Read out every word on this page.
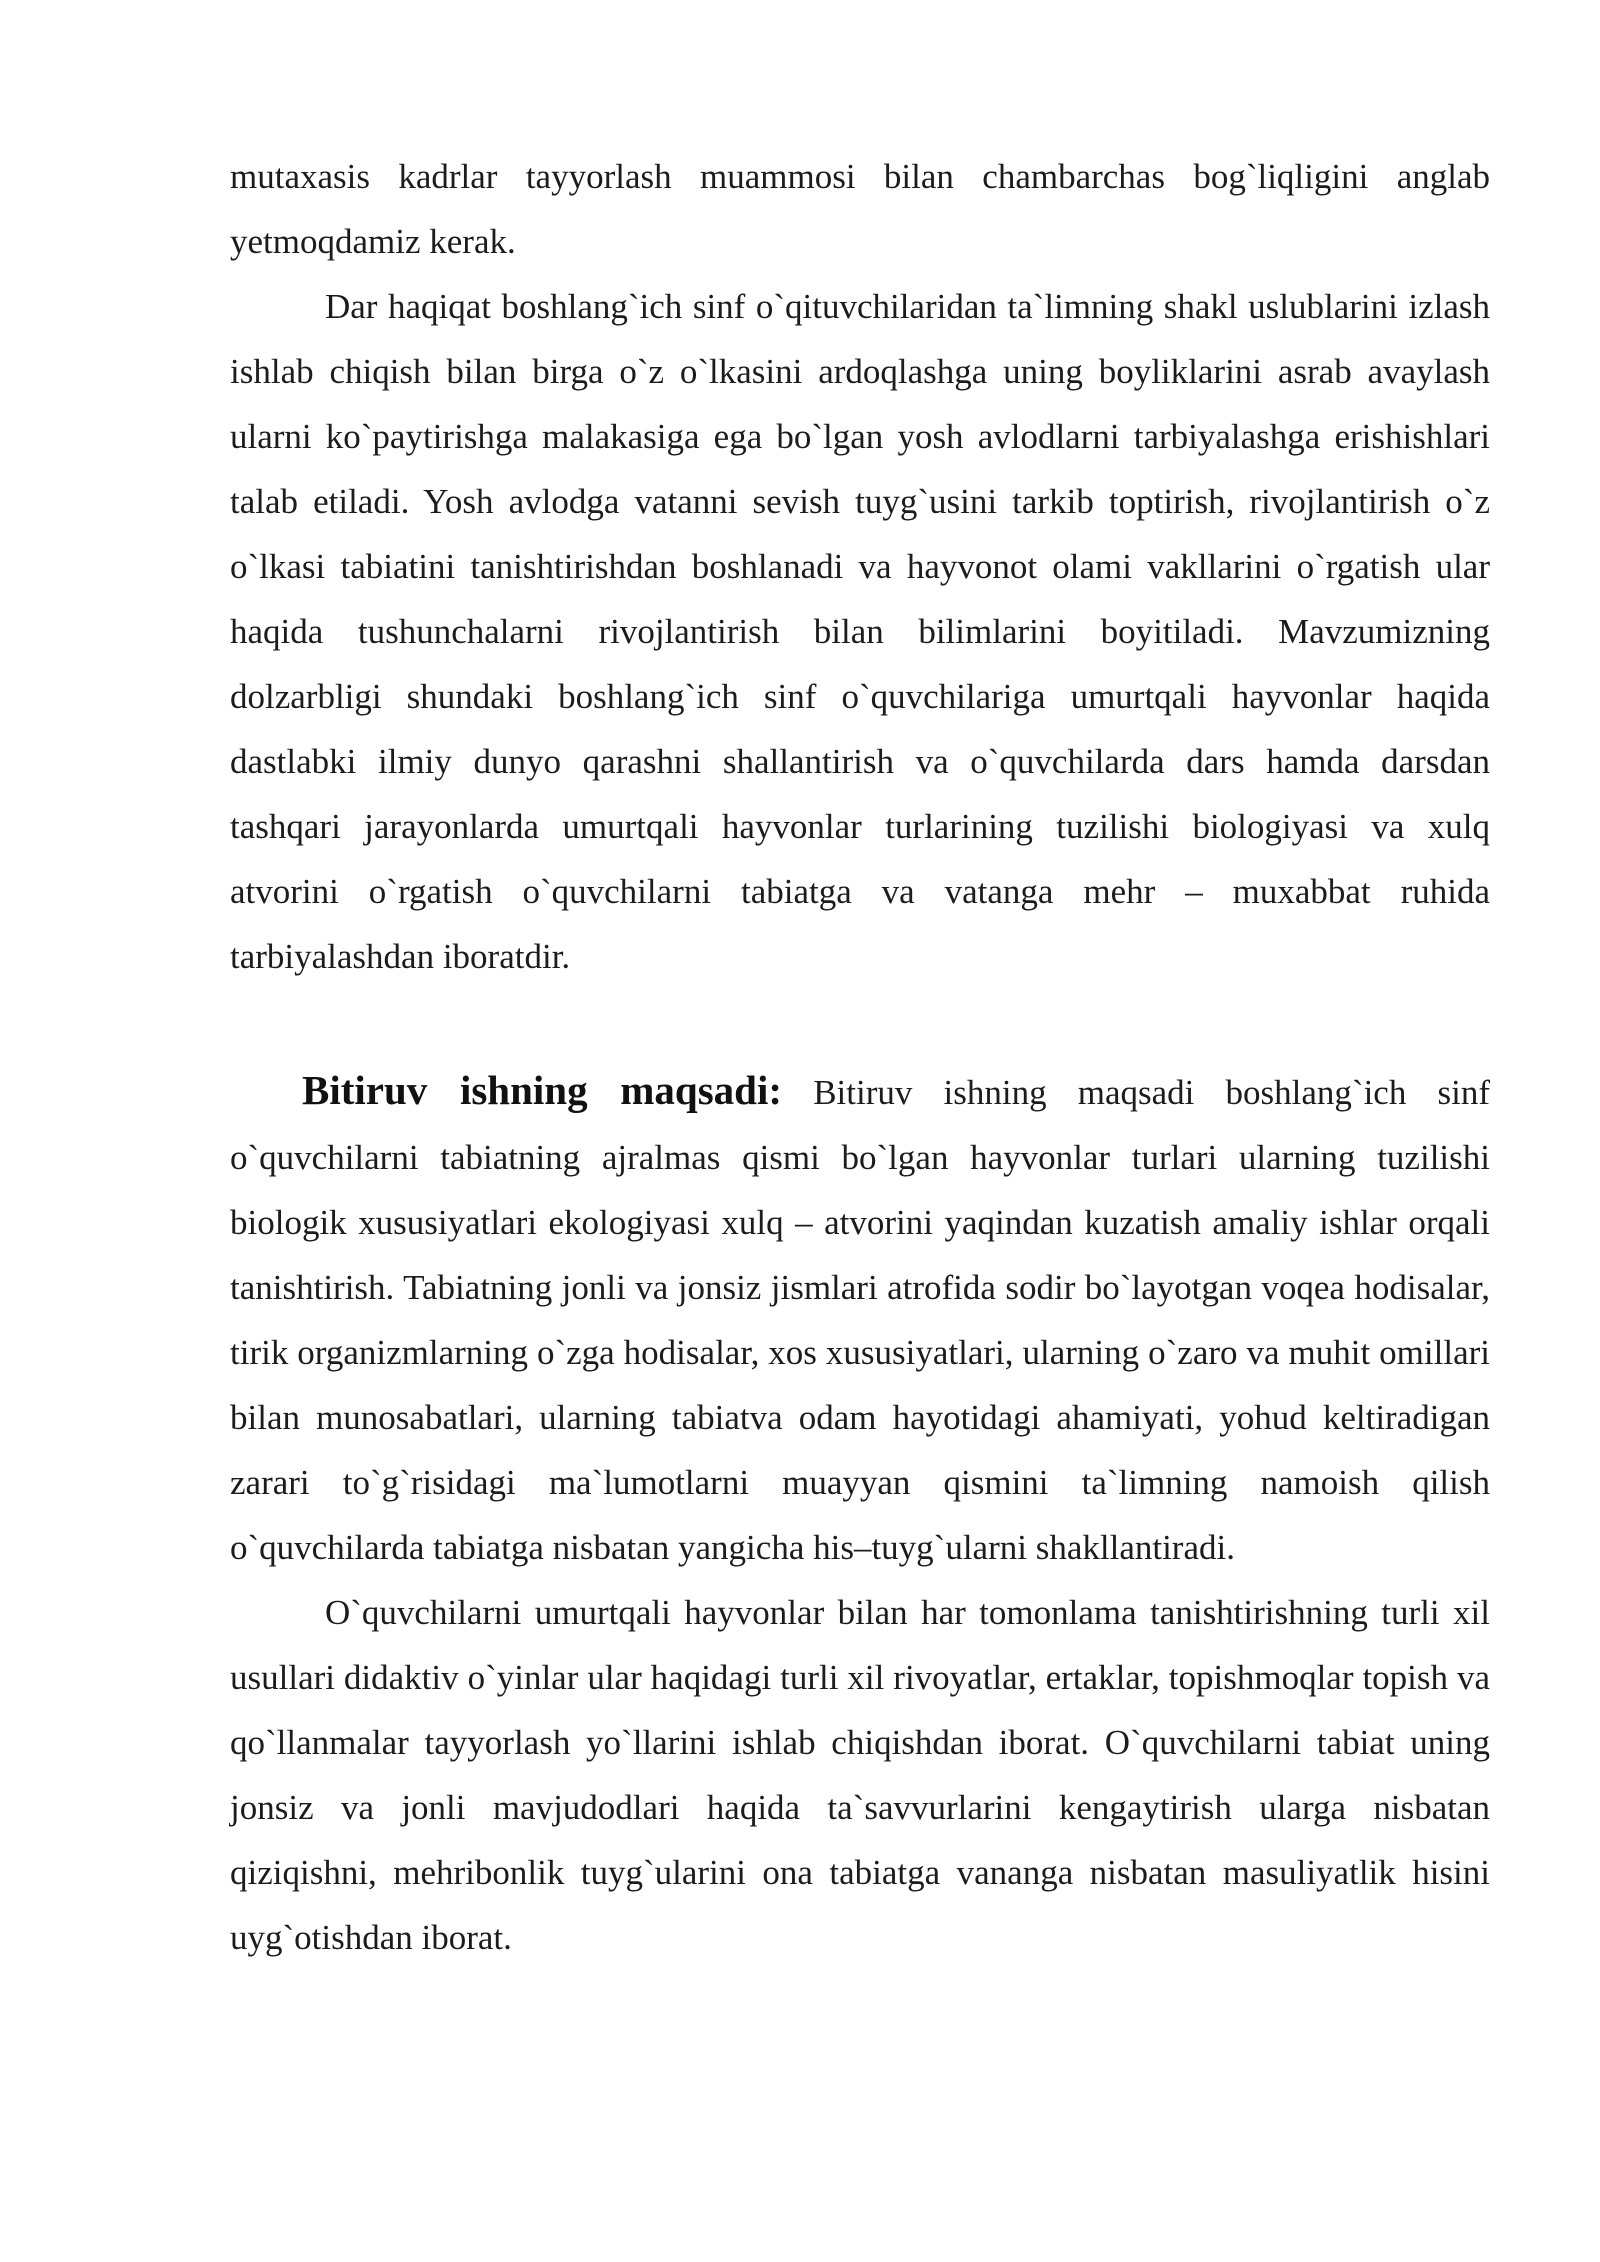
mutaxasis kadrlar tayyorlash muammosi bilan chambarchas bog`liqligini anglab yetmoqdamiz kerak.

Dar haqiqat boshlang`ich sinf o`qituvchilaridan ta`limning shakl uslublarini izlash ishlab chiqish bilan birga o`z o`lkasini ardoqlashga uning boyliklarini asrab avaylash ularni ko`paytirishga malakasiga ega bo`lgan yosh avlodlarni tarbiyalashga erishishlari talab etiladi. Yosh avlodga vatanni sevish tuyg`usini tarkib toptirish, rivojlantirish o`z o`lkasi tabiatini tanishtirishdan boshlanadi va hayvonot olami vakllarini o`rgatish ular haqida tushunchalarni rivojlantirish bilan bilimlarini boyitiladi. Mavzumizning dolzarbligi shundaki boshlang`ich sinf o`quvchilariga umurtqali hayvonlar haqida dastlabki ilmiy dunyo qarashni shallantirish va o`quvchilarda dars hamda darsdan tashqari jarayonlarda umurtqali hayvonlar turlarining tuzilishi biologiyasi va xulq atvorini o`rgatish o`quvchilarni tabiatga va vatanga mehr – muxabbat ruhida tarbiyalashdan iboratdir.

Bitiruv ishning maqsadi: Bitiruv ishning maqsadi boshlang`ich sinf o`quvchilarni tabiatning ajralmas qismi bo`lgan hayvonlar turlari ularning tuzilishi biologik xususiyatlari ekologiyasi xulq – atvorini yaqindan kuzatish amaliy ishlar orqali tanishtirish. Tabiatning jonli va jonsiz jismlari atrofida sodir bo`layotgan voqea hodisalar, tirik organizmlarning o`zga hodisalar, xos xususiyatlari, ularning o`zaro va muhit omillari bilan munosabatlari, ularning tabiatva odam hayotidagi ahamiyati, yohud keltiradigan zarari to`g`risidagi ma`lumotlarni muayyan qismini ta`limning namoish qilish o`quvchilarda tabiatga nisbatan yangicha his–tuyg`ularni shakllantiradi.

O`quvchilarni umurtqali hayvonlar bilan har tomonlama tanishtirishning turli xil usullari didaktiv o`yinlar ular haqidagi turli xil rivoyatlar, ertaklar, topishmoqlar topish va qo`llanmalar tayyorlash yo`llarini ishlab chiqishdan iborat. O`quvchilarni tabiat uning jonsiz va jonli mavjudodlari haqida ta`savvurlarini kengaytirish ularga nisbatan qiziqishni, mehribonlik tuyg`ularini ona tabiatga vananga nisbatan masuliyatlik hisini uyg`otishdan iborat.
